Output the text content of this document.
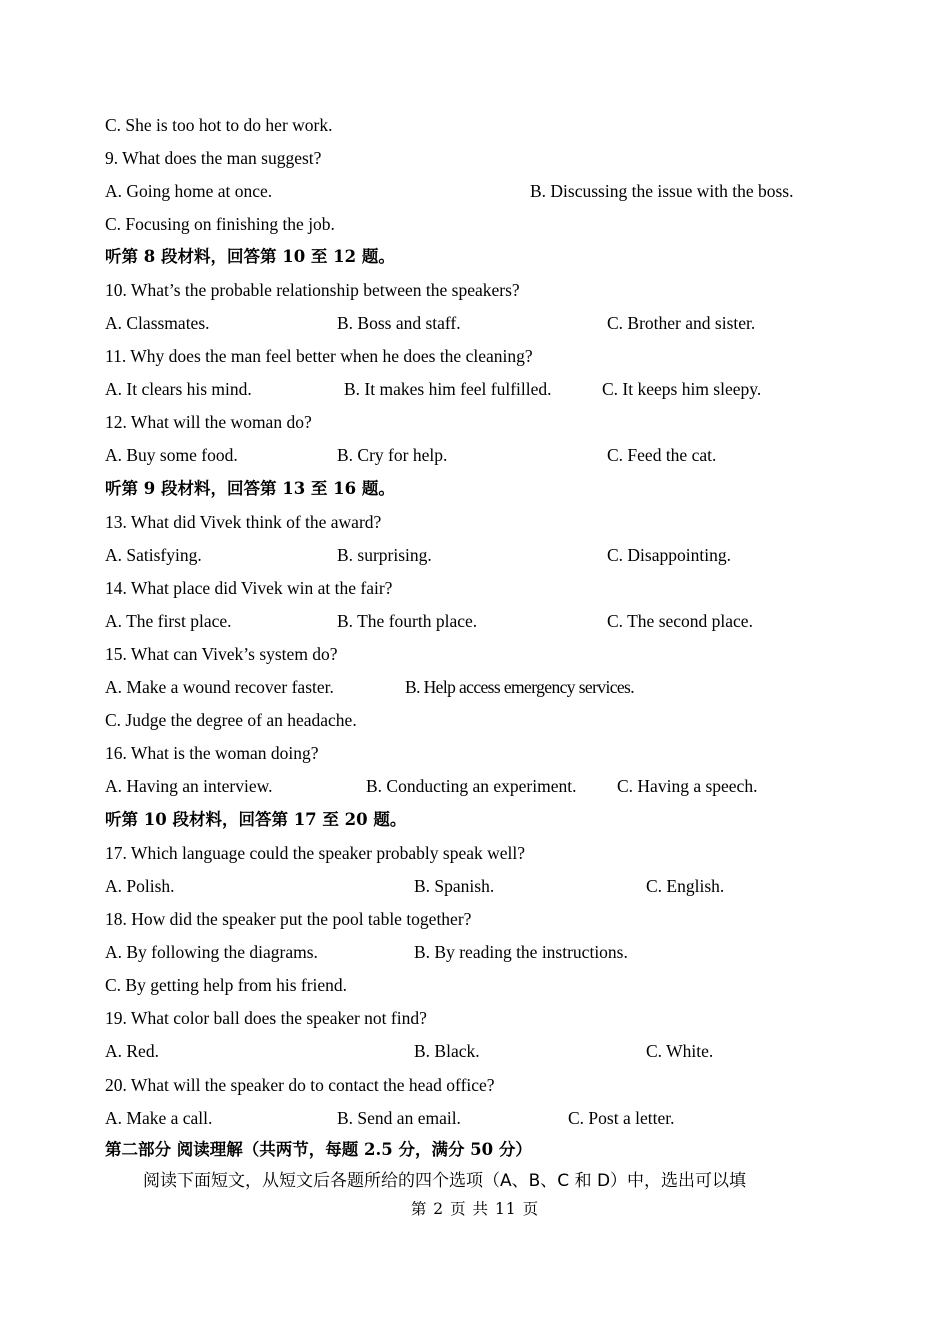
C. She is too hot to do her work.
9. What does the man suggest?
A. Going home at once.	B. Discussing the issue with the boss.
C. Focusing on finishing the job.
听第 8 段材料，回答第 10 至 12 题。
10. What’s the probable relationship between the speakers?
A. Classmates.	B. Boss and staff.	C. Brother and sister.
11. Why does the man feel better when he does the cleaning?
A. It clears his mind.	B. It makes him feel fulfilled.	C. It keeps him sleepy.
12. What will the woman do?
A. Buy some food.	B. Cry for help.	C. Feed the cat.
听第 9 段材料，回答第 13 至 16 题。
13. What did Vivek think of the award?
A. Satisfying.	B. surprising.	C. Disappointing.
14. What place did Vivek win at the fair?
A. The first place.	B. The fourth place.	C. The second place.
15. What can Vivek’s system do?
A. Make a wound recover faster.	B. Help access emergency services.
C. Judge the degree of an headache.
16. What is the woman doing?
A. Having an interview.	B. Conducting an experiment. C. Having a speech.
听第 10 段材料，回答第 17 至 20 题。
17. Which language could the speaker probably speak well?
A. Polish.	B. Spanish.	C. English.
18. How did the speaker put the pool table together?
A. By following the diagrams.	B. By reading the instructions.
C. By getting help from his friend.
19. What color ball does the speaker not find?
A. Red.	B. Black.	C. White.
20. What will the speaker do to contact the head office?
A. Make a call.	B. Send an email.	C. Post a letter.
第二部分 阅读理解（共两节，每题 2.5 分，满分 50 分）
阅读下面短文，从短文后各题所给的四个选项（A、B、C 和 D）中，选出可以填
第 2 页 共 11 页
